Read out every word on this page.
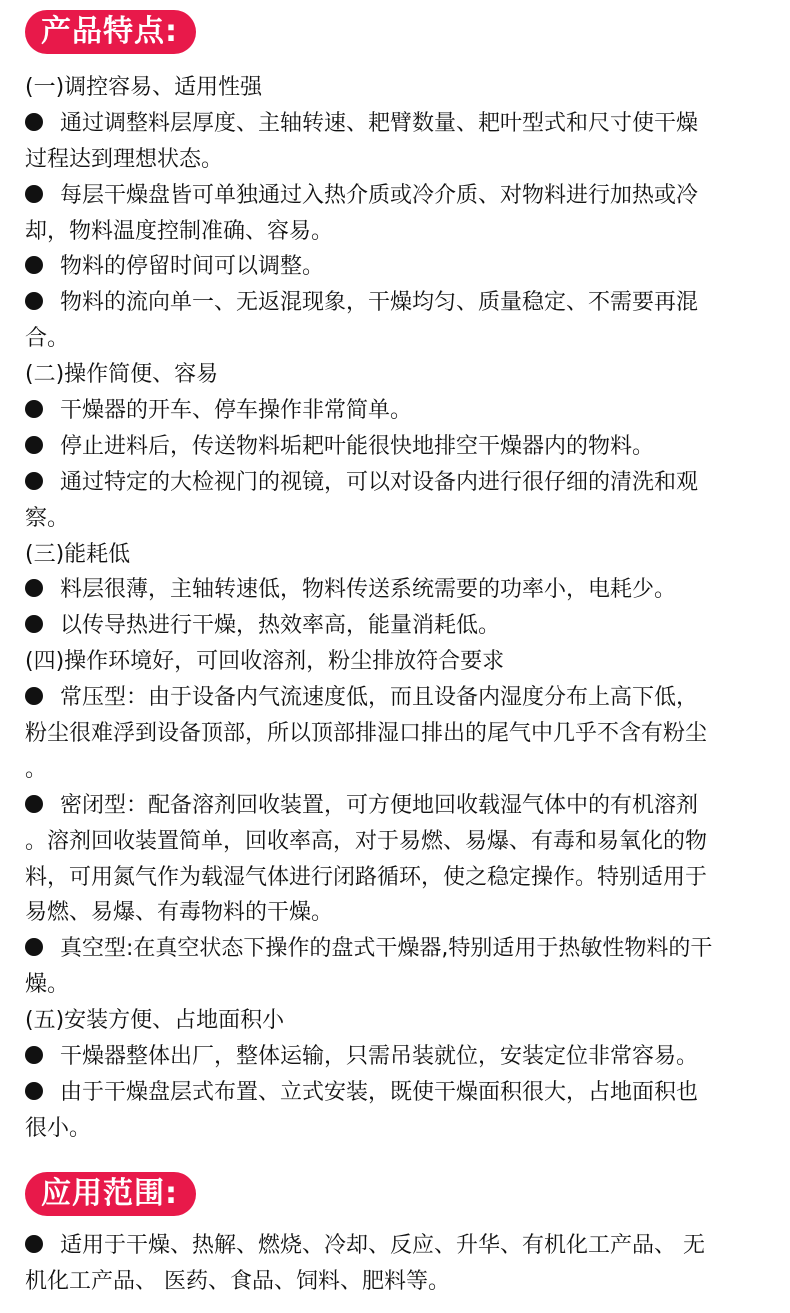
产品特点:
(一)调控容易、适用性强
通过调整料层厚度、主轴转速、耙臂数量、耙叶型式和尺寸使干燥
过程达到理想状态。
每层干燥盘皆可单独通过入热介质或冷介质、对物料进行加热或冷
却，物料温度控制准确、容易。
物料的停留时间可以调整。
物料的流向单一、无返混现象，干燥均匀、质量稳定、不需要再混
合。
(二)操作简便、容易
干燥器的开车、停车操作非常简单。
停止进料后，传送物料垢耙叶能很快地排空干燥器内的物料。
通过特定的大检视门的视镜，可以对设备内进行很仔细的清洗和观
察。
(三)能耗低
料层很薄，主轴转速低，物料传送系统需要的功率小，电耗少。
以传导热进行干燥，热效率高，能量消耗低。
(四)操作环境好，可回收溶剂，粉尘排放符合要求
常压型：由于设备内气流速度低，而且设备内湿度分布上高下低，
粉尘很难浮到设备顶部，所以顶部排湿口排出的尾气中几乎不含有粉尘
。
密闭型：配备溶剂回收装置，可方便地回收载湿气体中的有机溶剂
。溶剂回收装置简单，回收率高，对于易燃、易爆、有毒和易氧化的物
料，可用氮气作为载湿气体进行闭路循环，使之稳定操作。特别适用于
易燃、易爆、有毒物料的干燥。
真空型:在真空状态下操作的盘式干燥器,特别适用于热敏性物料的干
燥。
(五)安装方便、占地面积小
干燥器整体出厂，整体运输，只需吊装就位，安装定位非常容易。
由于干燥盘层式布置、立式安装，既使干燥面积很大，占地面积也
很小。
应用范围:
适用于干燥、热解、燃烧、冷却、反应、升华、有机化工产品、 无
机化工产品、 医药、食品、饲料、肥料等。
